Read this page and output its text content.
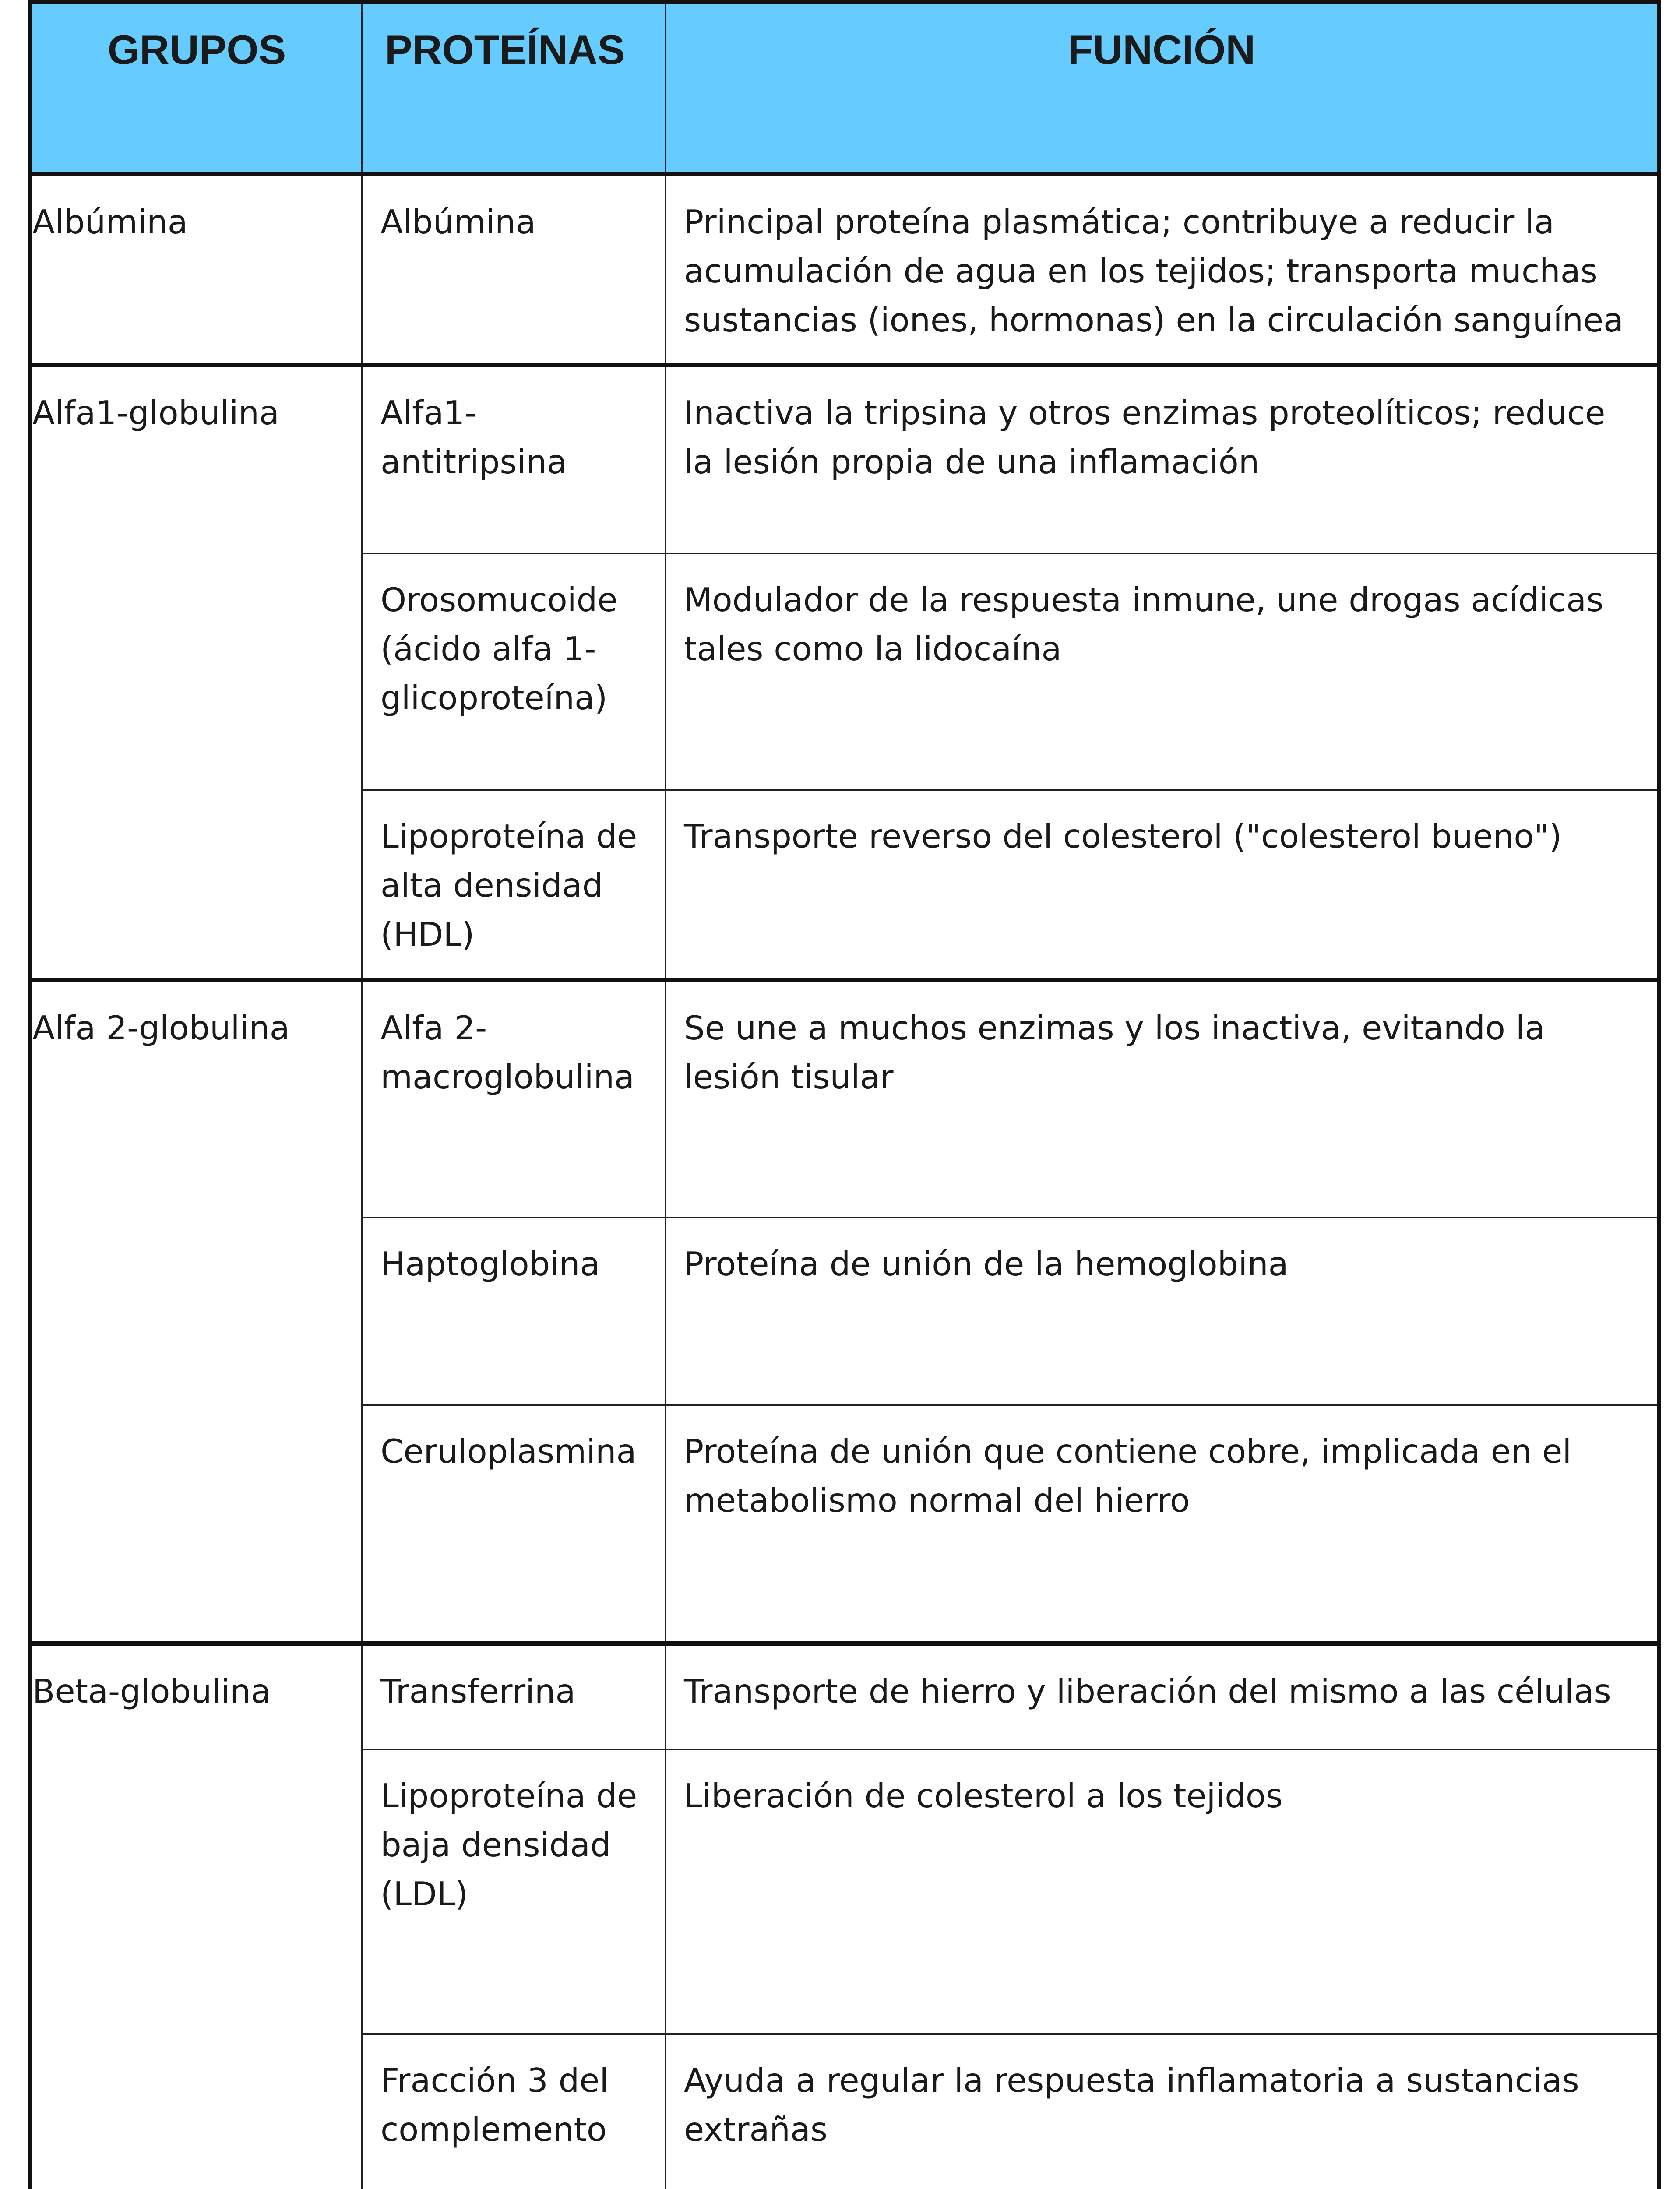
GRUPOS	PROTEÍNAS	FUNCIÓN
Albúmina	Albúmina	Principal proteína plasmática; contribuye a reducir la acumulación de agua en los tejidos; transporta muchas sustancias (iones, hormonas) en la circulación sanguínea
Alfa1-globulina	Alfa1-antitripsina	Inactiva la tripsina y otros enzimas proteolíticos; reduce la lesión propia de una inflamación
	Orosomucoide (ácido alfa 1-glicoproteína)	Modulador de la respuesta inmune, une drogas acídicas tales como la lidocaína
	Lipoproteína de alta densidad (HDL)	Transporte reverso del colesterol ("colesterol bueno")
Alfa 2-globulina	Alfa 2-macroglobulina	Se une a muchos enzimas y los inactiva, evitando la lesión tisular
	Haptoglobina	Proteína de unión de la hemoglobina
	Ceruloplasmina	Proteína de unión que contiene cobre, implicada en el metabolismo normal del hierro
Beta-globulina	Transferrina	Transporte de hierro y liberación del mismo a las células
	Lipoproteína de baja densidad (LDL)	Liberación de colesterol a los tejidos
	Fracción 3 del complemento	Ayuda a regular la respuesta inflamatoria a sustancias extrañas
